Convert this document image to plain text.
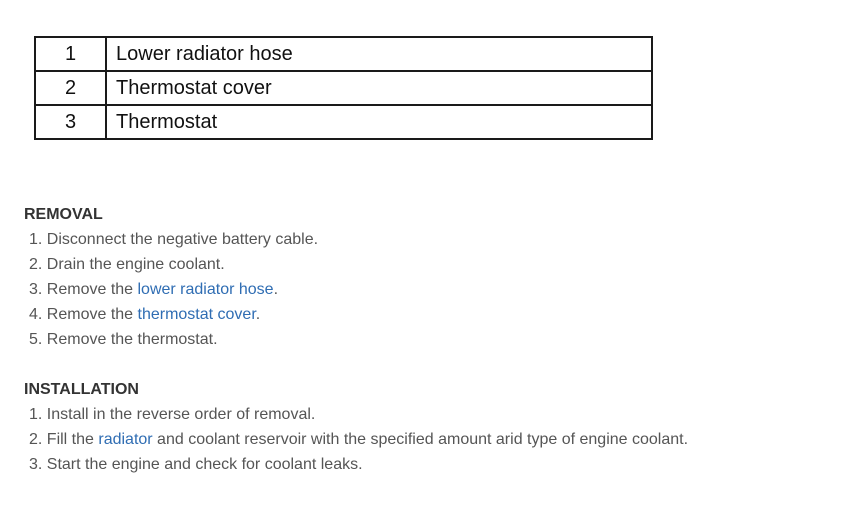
1	Lower radiator hose
2	Thermostat cover
3	Thermostat
REMOVAL
1. Disconnect the negative battery cable.
2. Drain the engine coolant.
3. Remove the lower radiator hose.
4. Remove the thermostat cover.
5. Remove the thermostat.
INSTALLATION
1. Install in the reverse order of removal.
2. Fill the radiator and coolant reservoir with the specified amount arid type of engine coolant.
3. Start the engine and check for coolant leaks.
